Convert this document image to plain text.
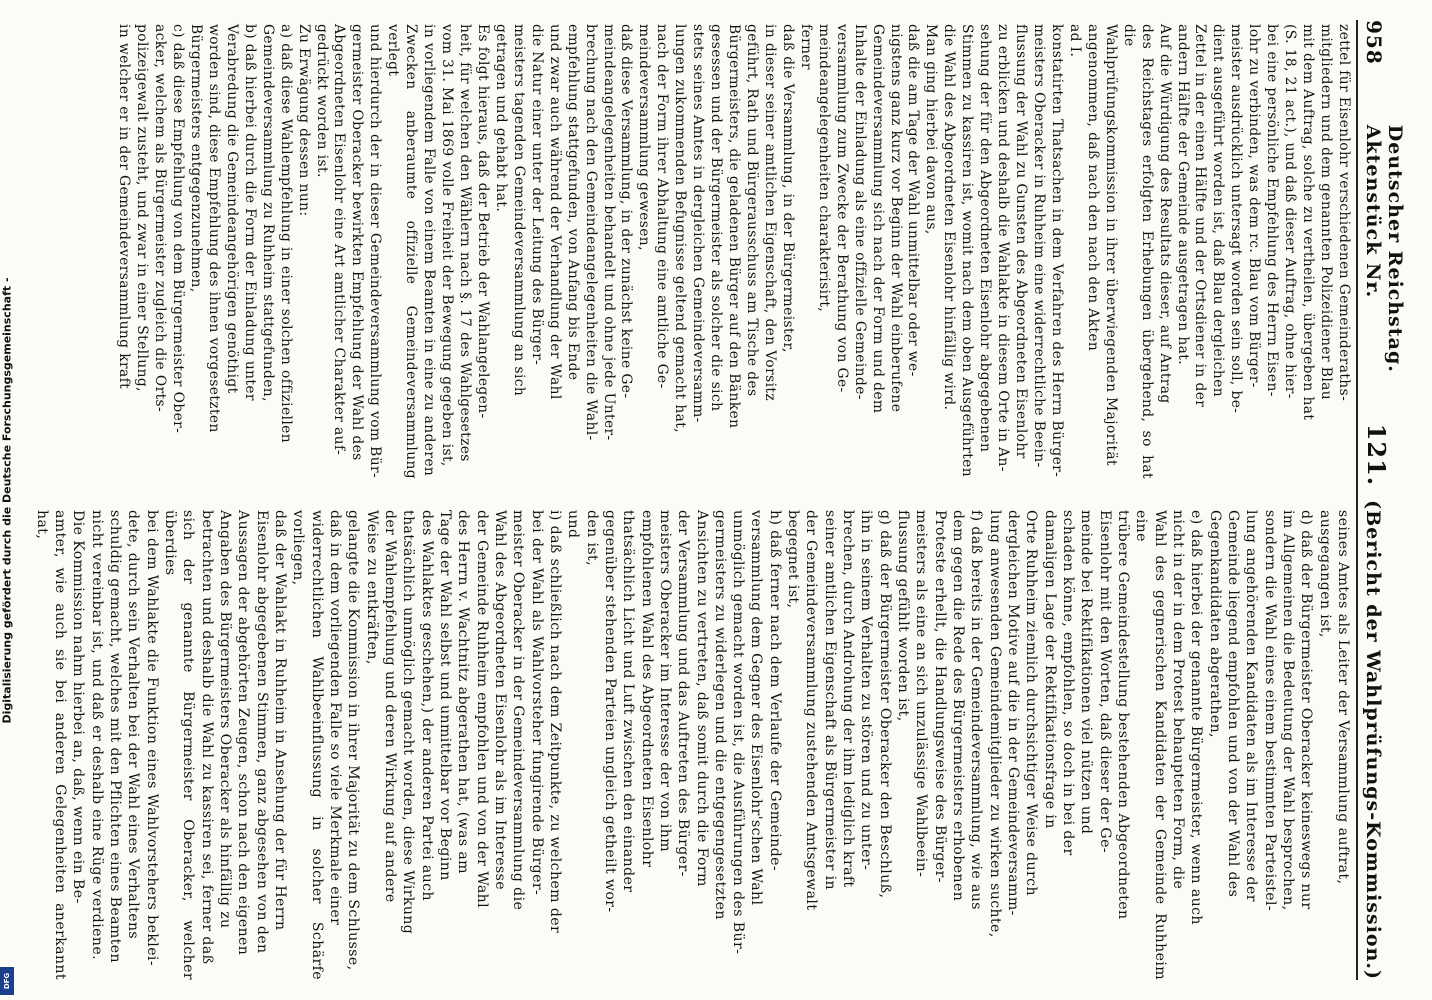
Digitalisierung gefördert durch die Deutsche Forschungsgemeinschaft -
DFG
958
Deutscher Reichstag. Aktenstück Nr.
121.
(Bericht der Wahlprüfungs-Kommission.)

zettel für Eisenlohr verschiedenen Gemeinderaths-

mitgliedern und dem genannten Polizeidiener Blau

mit dem Auftrag, solche zu vertheilen, übergeben hat

(S. 18, 21 act.), und daß dieser Auftrag, ohne hier-

bei eine persönliche Empfehlung des Herrn Eisen-

lohr zu verbinden, was dem rc. Blau vom Bürger-

meister ausdrücklich untersagt worden sein soll, be-

dient ausgeführt worden ist, daß Blau dergleichen

Zettel in der einen Hälfte und der Ortsdiener in der

andern Hälfte der Gemeinde ausgetragen hat.

Auf die Würdigung des Resultats dieser, auf Antrag

des Reichstages erfolgten Erhebungen übergehend, so hat die

Wahlprüfungskommission in ihrer überwiegenden Majorität

angenommen, daß nach den nach den Akten

ad I.

konstatirten Thatsachen in dem Verfahren des Herrn Bürger-

meisters Oberacker in Ruhheim eine widerrechtliche Beein-

flussung der Wahl zu Gunsten des Abgeordneten Eisenlohr

zu erblicken und deshalb die Wahlakte in diesem Orte in An-

sehung der für den Abgeordneten Eisenlohr abgegebenen

Stimmen zu kassiren ist, womit nach dem oben Ausgeführten

die Wahl des Abgeordneten Eisenlohr hinfällig wird.

Man ging hierbei davon aus,

daß die am Tage der Wahl unmittelbar oder we-

nigstens ganz kurz vor Beginn der Wahl einberufene

Gemeindeversammlung sich nach der Form und dem

Inhalte der Einladung als eine offizielle Gemeinde-

versammlung zum Zwecke der Berathung von Ge-

meindeangelegenheiten charakterisirt,

ferner

daß die Versammlung, in der Bürgermeister,

in dieser seiner amtlichen Eigenschaft, den Vorsitz

geführt, Rath und Bürgerausschuss am Tische des

Bürgermeisters, die geladenen Bürger auf den Bänken

gesessen und der Bürgermeister als solcher die sich

stets seines Amtes in dergleichen Gemeindeversamm-

lungen zukommenden Befugnisse geltend gemacht hat,

nach der Form ihrer Abhaltung eine amtliche Ge-

meindeversammlung gewesen,

daß diese Versammlung, in der zunächst keine Ge-

meindeangelegenheiten behandelt und ohne jede Unter-

brechung nach den Gemeindeangelegenheiten die Wahl-

empfehlung stattgefunden, von Anfang bis Ende

und zwar auch während der Verhandlung der Wahl

die Natur einer unter der Leitung des Bürger-

meisters tagenden Gemeindeversammlung an sich

getragen und gehabt hat.

Es folgt hieraus, daß der Betrieb der Wahlangelegen-

heit, für welchen den Wählern nach §. 17 des Wahlgesetzes

vom 31. Mai 1869 volle Freiheit der Bewegung gegeben ist,

in vorliegendem Falle von einem Beamten in eine zu anderen

Zwecken anberaumte offizielle Gemeindeversammlung verlegt

und hierdurch der in dieser Gemeindeversammlung vom Bür-

germeister Oberacker bewirkten Empfehlung der Wahl des

Abgeordneten Eisenlohr eine Art amtlicher Charakter auf-

gedrückt worden ist.

Zu Erwägung dessen nun:

a) daß diese Wahlempfehlung in einer solchen offiziellen

Gemeindeversammlung zu Ruhheim stattgefunden,

b) daß hierbei durch die Form der Einladung unter

Verabredung die Gemeindeangehörigen genöthigt

worden sind, diese Empfehlung des ihnen vorgesetzten

Bürgermeisters entgegenzunehmen,

c) daß diese Empfehlung von dem Bürgermeister Ober-

acker, welchem als Bürgermeister zugleich die Orts-

polizeigewalt zusteht, und zwar in einer Stellung,

in welcher er in der Gemeindeversammlung kraft

seines Amtes als Leiter der Versammlung auftrat,

ausgegangen ist,

d) daß der Bürgermeister Oberacker keineswegs nur

im Allgemeinen die Bedeutung der Wahl besprochen,

sondern die Wahl eines einem bestimmten Parteistel-

lung angehörenden Kandidaten als im Interesse der

Gemeinde liegend empfohlen und von der Wahl des

Gegenkandidaten abgerathen,

e) daß hierbei der genannte Bürgermeister, wenn auch

nicht in der in dem Protest behaupteten Form, die

Wahl des gegnerischen Kandidaten der Gemeinde Ruhheim eine

trübere Gemeindestellung bestehenden Abgeordneten

Eisenlohr mit den Worten, daß dieser der Ge-

meinde bei Rektifikationen viel nützen und

schaden könne, empfohlen, so doch in bei der

damaligen Lage der Rektifikationsfrage in

Orte Ruhheim ziemlich durchsichtiger Weise durch

dergleichen Motive auf die in der Gemeindeversamm-

lung anwesenden Gemeindemitglieder zu wirken suchte,

f) daß bereits in der Gemeindeversammlung, wie aus

dem gegen die Rede des Bürgermeisters erhobenen

Proteste erhellt, die Handlungsweise des Bürger-

meisters als eine an sich unzulässige Wahlbeein-

flussung gefühlt worden ist,

g) daß der Bürgermeister Oberacker den Beschluß,

ihn in seinem Verhalten zu stören und zu unter-

brechen, durch Androhung der ihm lediglich kraft

seiner amtlichen Eigenschaft als Bürgermeister in

der Gemeindeversammlung zustehenden Amtsgewalt

begegnet ist,

h) daß ferner nach dem Verlaufe der Gemeinde-

versammlung dem Gegner des Eisenlohr'schen Wahl

unmöglich gemacht worden ist, die Ausführungen des Bür-

germeisters zu widerlegen und die entgegengesetzten

Ansichten zu vertreten, daß somit durch die Form

der Versammlung und das Auftreten des Bürger-

meisters Oberacker im Interesse der von ihm

empfohlenen Wahl des Abgeordneten Eisenlohr

thatsächlich Licht und Luft zwischen den einander

gegenüber stehenden Parteien ungleich getheilt wor-

den ist,

und

i) daß schließlich nach dem Zeitpunkte, zu welchem der

bei der Wahl als Wahlvorsteher fungirende Bürger-

meister Oberacker in der Gemeindeversammlung die

Wahl des Abgeordneten Eisenlohr als im Interesse

der Gemeinde Ruhheim empfohlen und von der Wahl

des Herrn v. Wachtnitz abgerathen hat, (was am

Tage der Wahl selbst und unmittelbar vor Beginn

des Wahlaktes geschehen,) der anderen Partei auch

thatsächlich unmöglich gemacht worden, diese Wirkung

der Wahlempfehlung und deren Wirkung auf andere

Weise zu entkräften,

gelangte die Kommission in ihrer Majorität zu dem Schlusse,

daß in dem vorliegenden Falle so viele Merkmale einer

widerrechtlichen Wahlbeeinflussung in solcher Schärfe vorliegen,

daß der Wahlakt in Ruhheim in Ansehung der für Herrn

Eisenlohr abgegebenen Stimmen, ganz abgesehen von den

Aussagen der abgehörten Zeugen, schon nach den eigenen

Angaben des Bürgermeisters Oberacker als hinfällig zu

betrachten und deshalb die Wahl zu kassiren sei, ferner daß

sich der genannte Bürgermeister Oberacker, welcher überdies

bei dem Wahlakte die Funktion eines Wahlvorstehers beklei-

dete, durch sein Verhalten bei der Wahl eines Verhaltens

schuldig gemacht, welches mit den Pflichten eines Beamten

nicht vereinbar ist, und daß er deshalb eine Rüge verdiene.

Die Kommission nahm hierbei an, daß, wenn ein Be-

amter, wie auch sie bei anderen Gelegenheiten anerkannt hat,
